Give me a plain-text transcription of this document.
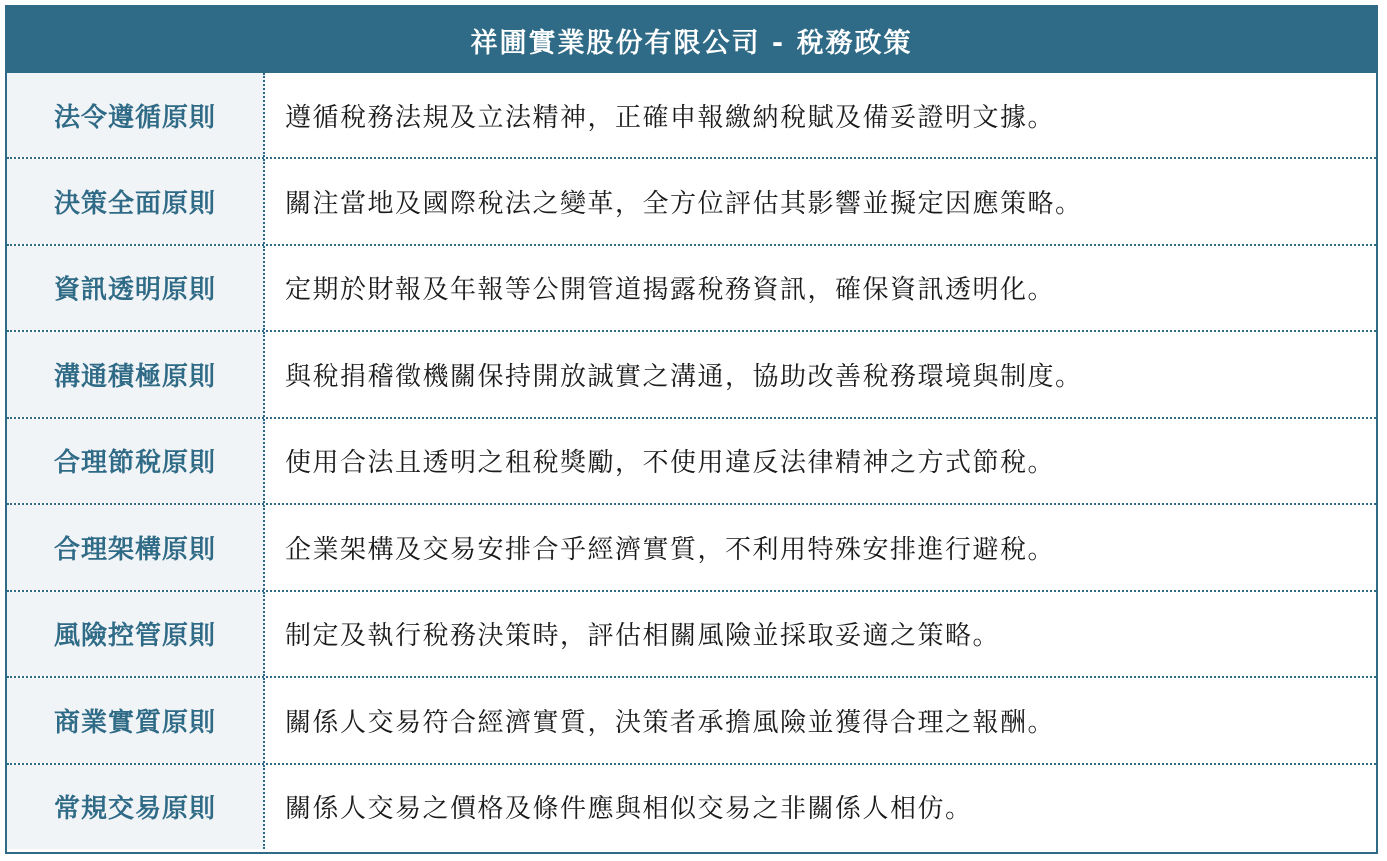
祥圃實業股份有限公司 - 稅務政策
法令遵循原則	遵循稅務法規及立法精神，正確申報繳納稅賦及備妥證明文據。
決策全面原則	關注當地及國際稅法之變革，全方位評估其影響並擬定因應策略。
資訊透明原則	定期於財報及年報等公開管道揭露稅務資訊，確保資訊透明化。
溝通積極原則	與稅捐稽徵機關保持開放誠實之溝通，協助改善稅務環境與制度。
合理節稅原則	使用合法且透明之租稅獎勵，不使用違反法律精神之方式節稅。
合理架構原則	企業架構及交易安排合乎經濟實質，不利用特殊安排進行避稅。
風險控管原則	制定及執行稅務決策時，評估相關風險並採取妥適之策略。
商業實質原則	關係人交易符合經濟實質，決策者承擔風險並獲得合理之報酬。
常規交易原則	關係人交易之價格及條件應與相似交易之非關係人相仿。
